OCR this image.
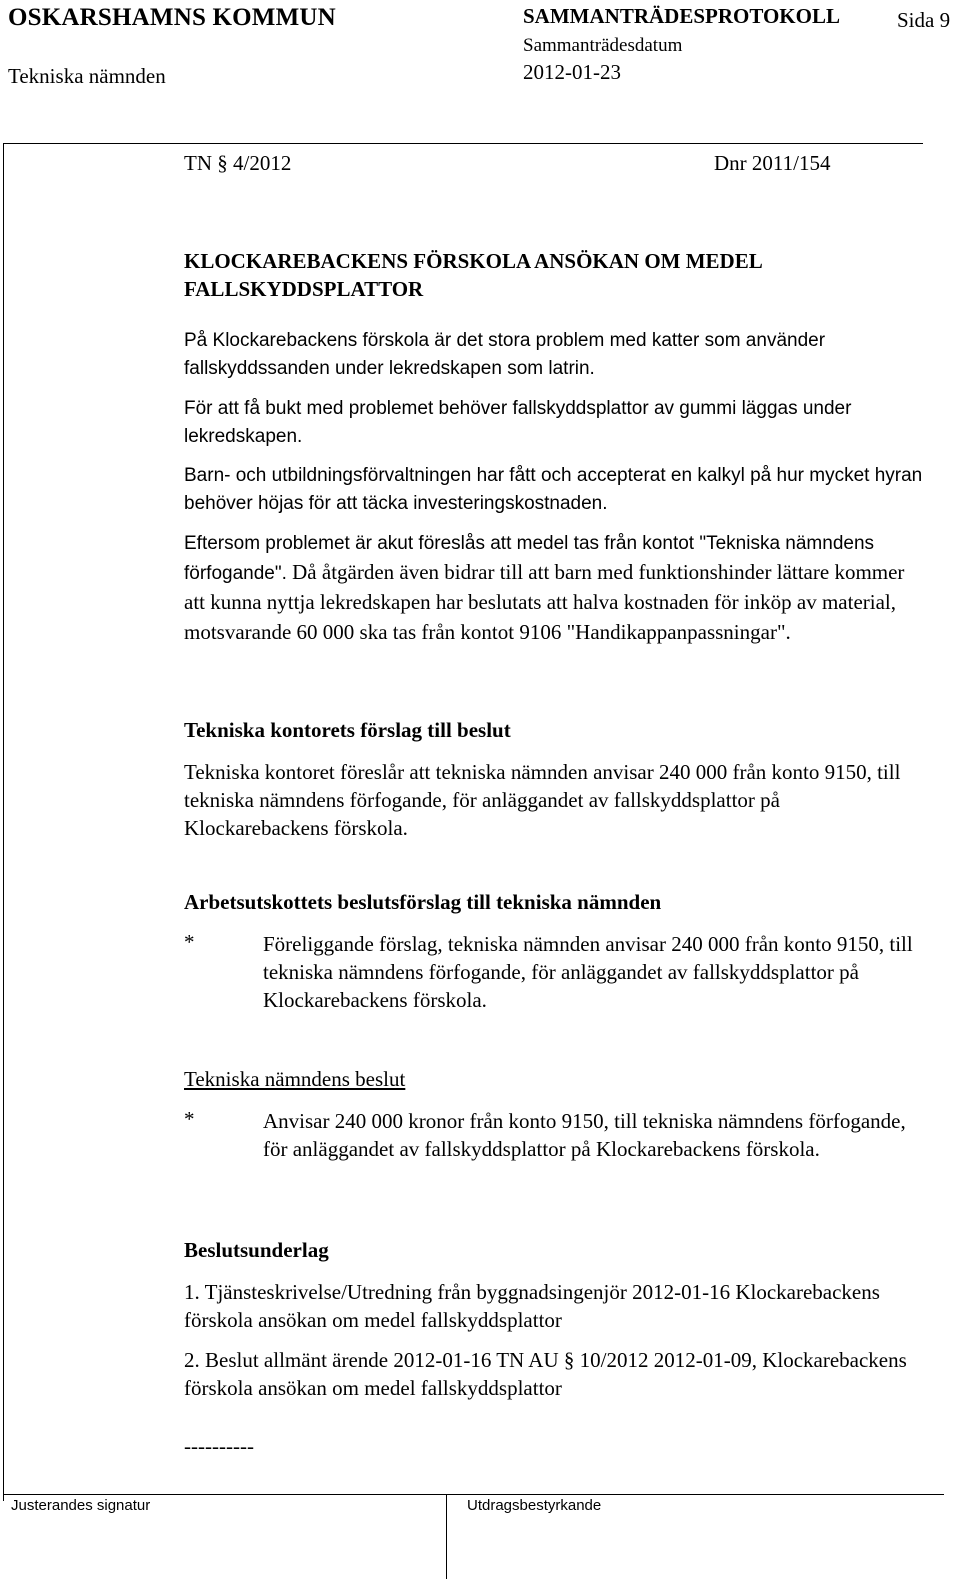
OSKARSHAMNS KOMMUN	SAMMANTRÄDESPROTOKOLL	Sida 9
Tekniska nämnden
Sammanträdesdatum
2012-01-23
TN § 4/2012	Dnr 2011/154
KLOCKAREBACKENS FÖRSKOLA ANSÖKAN OM MEDEL FALLSKYDDSPLATTOR
På Klockarebackens förskola är det stora problem med katter som använder fallskyddssanden under lekredskapen som latrin.
För att få bukt med problemet behöver fallskyddsplattor av gummi läggas under lekredskapen.
Barn- och utbildningsförvaltningen har fått och accepterat en kalkyl på hur mycket hyran behöver höjas för att täcka investeringskostnaden.
Eftersom problemet är akut föreslås att medel tas från kontot "Tekniska nämndens förfogande". Då åtgärden även bidrar till att barn med funktionshinder lättare kommer att kunna nyttja lekredskapen har beslutats att halva kostnaden för inköp av material, motsvarande 60 000 ska tas från kontot 9106 "Handikappanpassningar".
Tekniska kontorets förslag till beslut
Tekniska kontoret föreslår att tekniska nämnden anvisar 240 000 från konto 9150, till tekniska nämndens förfogande, för anläggandet av fallskyddsplattor på Klockarebackens förskola.
Arbetsutskottets beslutsförslag till tekniska nämnden
*	Föreliggande förslag, tekniska nämnden anvisar 240 000 från konto 9150, till tekniska nämndens förfogande, för anläggandet av fallskyddsplattor på Klockarebackens förskola.
Tekniska nämndens beslut
*	Anvisar 240 000 kronor från konto 9150, till tekniska nämndens förfogande, för anläggandet av fallskyddsplattor på Klockarebackens förskola.
Beslutsunderlag
1. Tjänsteskrivelse/Utredning från byggnadsingenjör 2012-01-16 Klockarebackens förskola ansökan om medel fallskyddsplattor
2. Beslut allmänt ärende 2012-01-16 TN AU § 10/2012 2012-01-09, Klockarebackens förskola ansökan om medel fallskyddsplattor
----------
Justerandes signatur	Utdragsbestyrkande
